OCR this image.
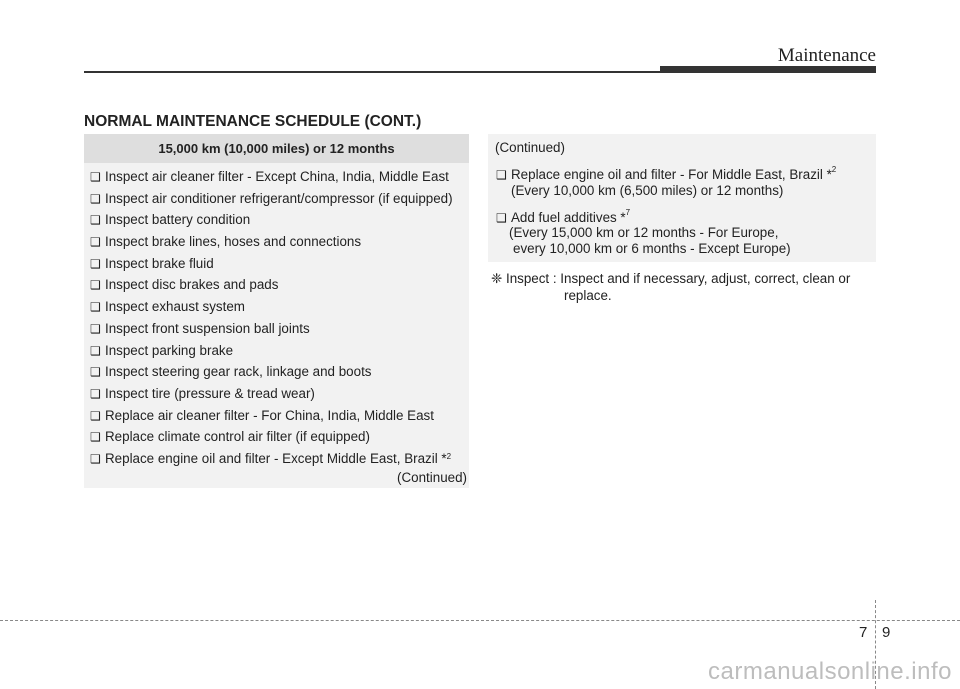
Maintenance
NORMAL MAINTENANCE SCHEDULE (CONT.)
15,000 km (10,000 miles) or 12 months
❑ Inspect air cleaner filter - Except China, India, Middle East
❑ Inspect air conditioner refrigerant/compressor (if equipped)
❑ Inspect battery condition
❑ Inspect brake lines, hoses and connections
❑ Inspect brake fluid
❑ Inspect disc brakes and pads
❑ Inspect exhaust system
❑ Inspect front suspension ball joints
❑ Inspect parking brake
❑ Inspect steering gear rack, linkage and boots
❑ Inspect tire (pressure & tread wear)
❑ Replace air cleaner filter - For China, India, Middle East
❑ Replace climate control air filter (if equipped)
❑ Replace engine oil and filter - Except Middle East, Brazil *$^2$
(Continued)
(Continued)
❑ Replace engine oil and filter - For Middle East, Brazil *$^2$
(Every 10,000 km (6,500 miles) or 12 months)
❑ Add fuel additives *$^7$
(Every 15,000 km or 12 months - For Europe,
every 10,000 km or 6 months - Except Europe)
❈ Inspect : Inspect and if necessary, adjust, correct, clean or
replace.
7 9
carmanualsonline.info
